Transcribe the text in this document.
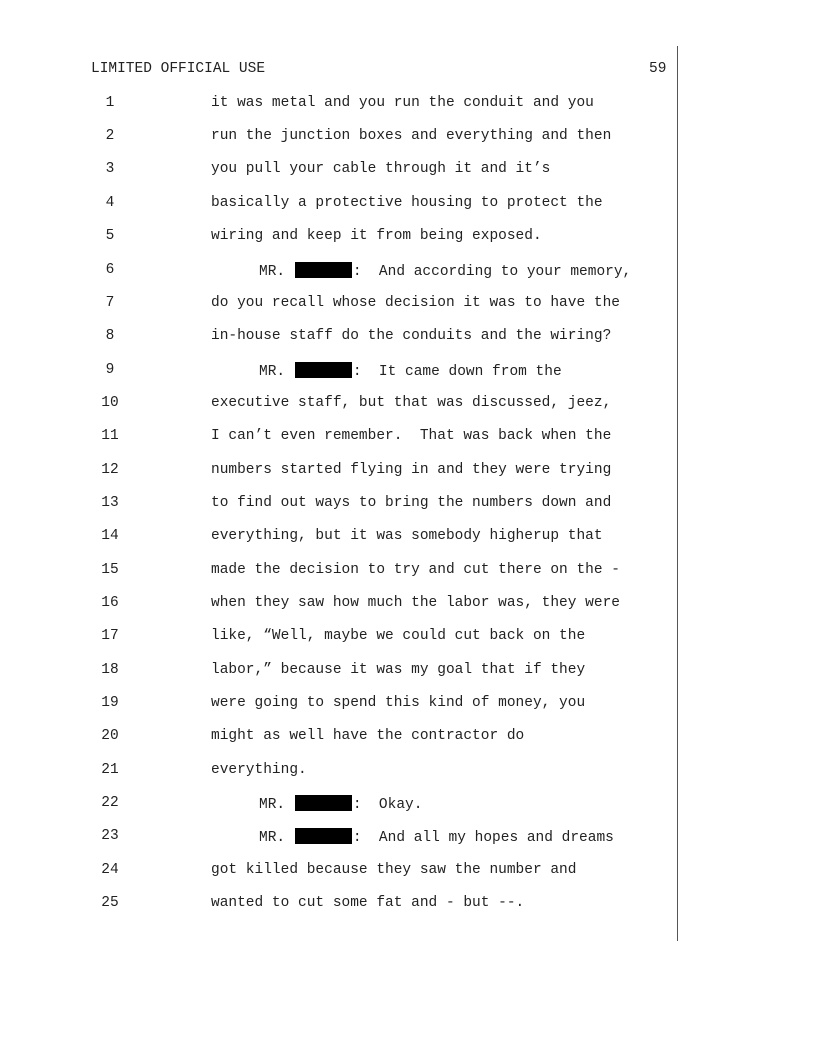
LIMITED OFFICIAL USE	59
1	it was metal and you run the conduit and you
2	run the junction boxes and everything and then
3	you pull your cable through it and it’s
4	basically a protective housing to protect the
5	wiring and keep it from being exposed.
6	MR.	:  And according to your memory,
7	do you recall whose decision it was to have the
8	in-house staff do the conduits and the wiring?
9	MR.	:  It came down from the
10	executive staff, but that was discussed, jeez,
11	I can’t even remember.  That was back when the
12	numbers started flying in and they were trying
13	to find out ways to bring the numbers down and
14	everything, but it was somebody higherup that
15	made the decision to try and cut there on the -
16	when they saw how much the labor was, they were
17	like, “Well, maybe we could cut back on the
18	labor,” because it was my goal that if they
19	were going to spend this kind of money, you
20	might as well have the contractor do
21	everything.
22	MR.	:  Okay.
23	MR.	:  And all my hopes and dreams
24	got killed because they saw the number and
25	wanted to cut some fat and - but --.
